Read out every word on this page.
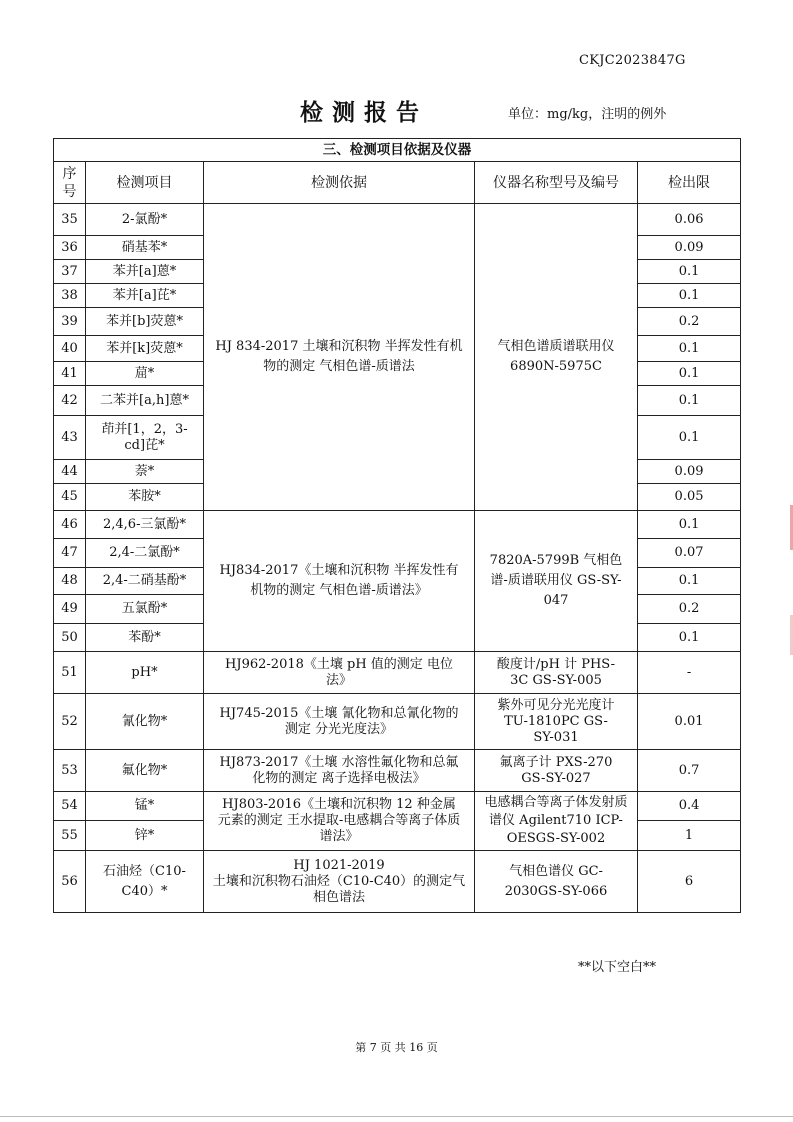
CKJC2023847G
检测报告	单位：mg/kg，注明的例外
三、检测项目依据及仪器				
序号	检测项目	检测依据	仪器名称型号及编号	检出限
35	2-氯酚*	HJ 834-2017 土壤和沉积物 半挥发性有机物的测定 气相色谱-质谱法	气相色谱质谱联用仪 6890N-5975C	0.06
36	硝基苯*			0.09
37	苯并[a]蒽*			0.1
38	苯并[a]芘*			0.1
39	苯并[b]荧蒽*			0.2
40	苯并[k]荧蒽*			0.1
41	䓛*			0.1
42	二苯并[a,h]蒽*			0.1
43	茚并[1，2，3-cd]芘*			0.1
44	萘*			0.09
45	苯胺*			0.05
46	2,4,6-三氯酚*	HJ834-2017《土壤和沉积物 半挥发性有机物的测定 气相色谱-质谱法》	7820A-5799B 气相色谱-质谱联用仪 GS-SY-047	0.1
47	2,4-二氯酚*			0.07
48	2,4-二硝基酚*			0.1
49	五氯酚*			0.2
50	苯酚*			0.1
51	pH*	HJ962-2018《土壤 pH 值的测定 电位法》	酸度计/pH 计 PHS-3C GS-SY-005	-
52	氰化物*	HJ745-2015《土壤 氰化物和总氰化物的测定 分光光度法》	紫外可见分光光度计 TU-1810PC GS-SY-031	0.01
53	氟化物*	HJ873-2017《土壤 水溶性氟化物和总氟化物的测定 离子选择电极法》	氟离子计 PXS-270 GS-SY-027	0.7
54	锰*	HJ803-2016《土壤和沉积物 12 种金属元素的测定 王水提取-电感耦合等离子体质谱法》	电感耦合等离子体发射质谱仪 Agilent710 ICP-OESGS-SY-002	0.4
55	锌*			1
56	石油烃（C10-C40）*	HJ 1021-2019
土壤和沉积物石油烃（C10-C40）的测定气相色谱法	气相色谱仪 GC-2030GS-SY-066	6
**以下空白**
第 7 页 共 16 页
